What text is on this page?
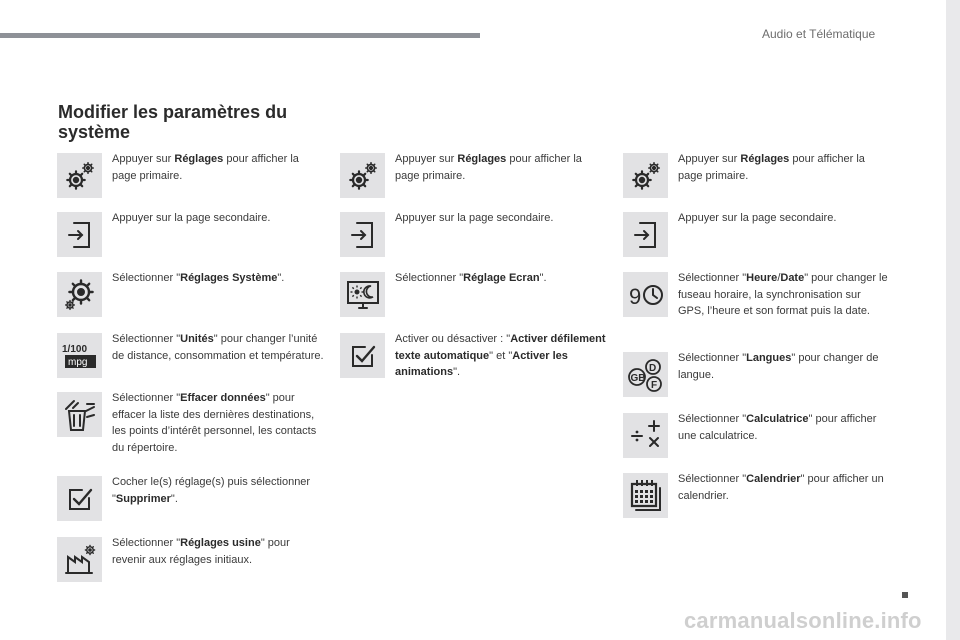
Audio et Télématique
Modifier les paramètres du système
Appuyer sur Réglages pour afficher la page primaire.
Appuyer sur la page secondaire.
Sélectionner "Réglages Système".
1/100
mpg
Sélectionner "Unités" pour changer l’unité de distance, consommation et température.
Sélectionner "Effacer données" pour effacer la liste des dernières destinations, les points d’intérêt personnel, les contacts du répertoire.
Cocher le(s) réglage(s) puis sélectionner "Supprimer".
Sélectionner "Réglages usine" pour revenir aux réglages initiaux.
Appuyer sur Réglages pour afficher la page primaire.
Appuyer sur la page secondaire.
Sélectionner "Réglage Ecran".
Activer ou désactiver : "Activer défilement texte automatique" et "Activer les animations".
Appuyer sur Réglages pour afficher la page primaire.
Appuyer sur la page secondaire.
9
Sélectionner "Heure/Date" pour changer le fuseau horaire, la synchronisation sur GPS, l’heure et son format puis la date.
D
GB
F
Sélectionner "Langues" pour changer de langue.
Sélectionner "Calculatrice" pour afficher une calculatrice.
Sélectionner "Calendrier" pour afficher un calendrier.
carmanualsonline.info
